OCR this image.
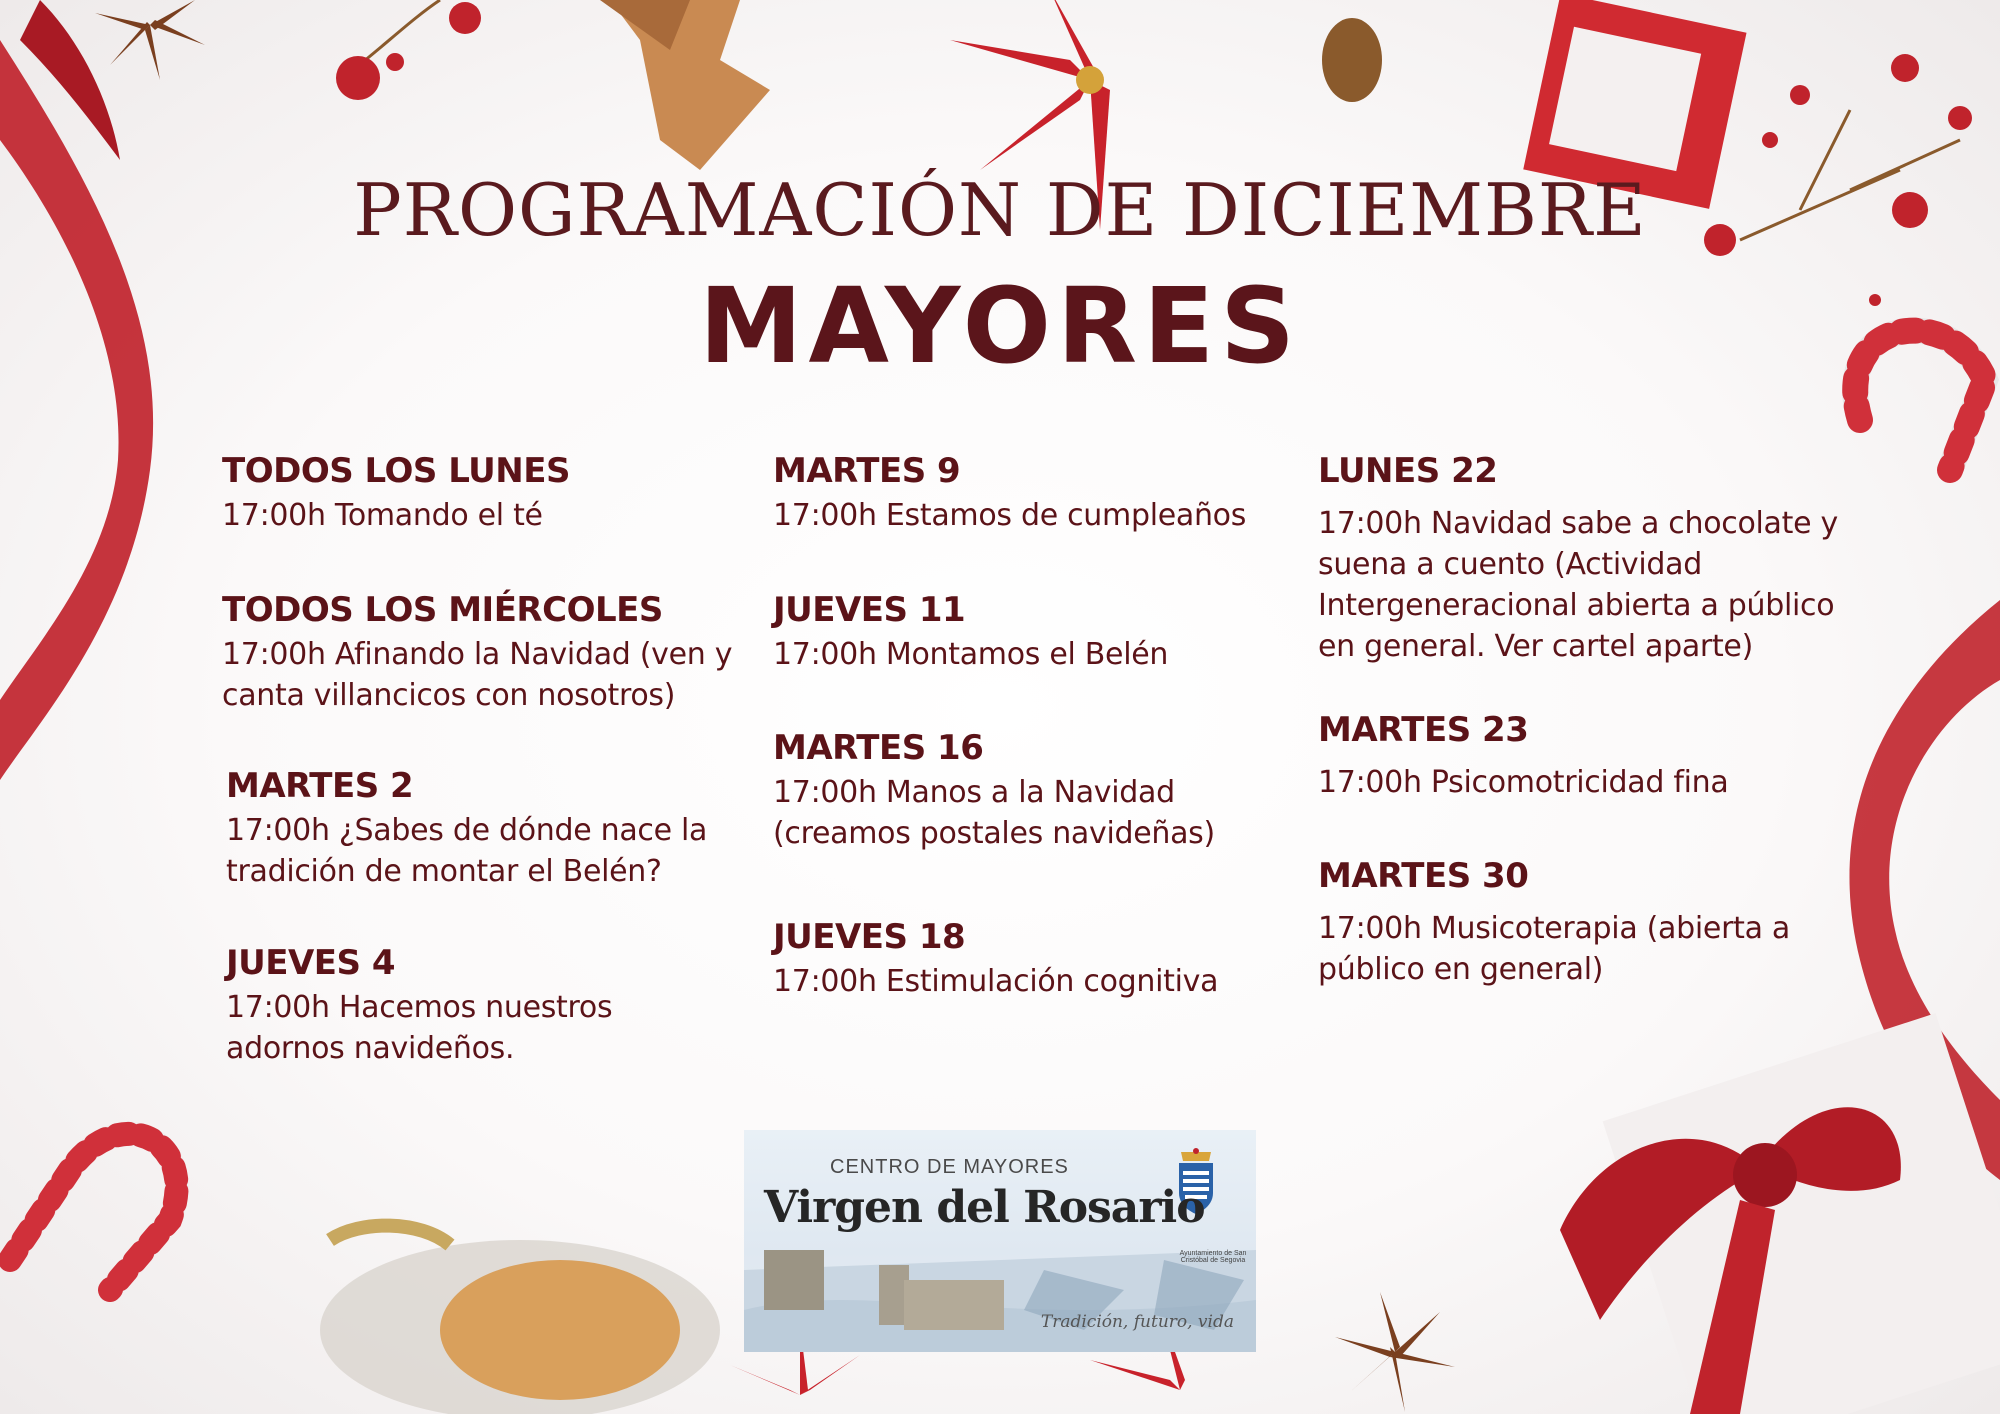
PROGRAMACIÓN DE DICIEMBRE
MAYORES
TODOS LOS LUNES
17:00h Tomando el té
TODOS LOS MIÉRCOLES
17:00h Afinando la Navidad (ven y canta villancicos con nosotros)
MARTES 2
17:00h ¿Sabes de dónde nace la tradición de montar el Belén?
JUEVES 4
17:00h Hacemos nuestros adornos navideños.
MARTES 9
17:00h Estamos de cumpleaños
JUEVES 11
17:00h Montamos el Belén
MARTES 16
17:00h Manos a la Navidad (creamos postales navideñas)
JUEVES 18
17:00h Estimulación cognitiva
LUNES 22
17:00h Navidad sabe a chocolate y suena a cuento (Actividad Intergeneracional abierta a público en general. Ver cartel aparte)
MARTES 23
17:00h Psicomotricidad fina
MARTES 30
17:00h Musicoterapia (abierta a público en general)
CENTRO DE MAYORES
Virgen del Rosario
Ayuntamiento de San Cristóbal de Segovia
Tradición, futuro, vida
